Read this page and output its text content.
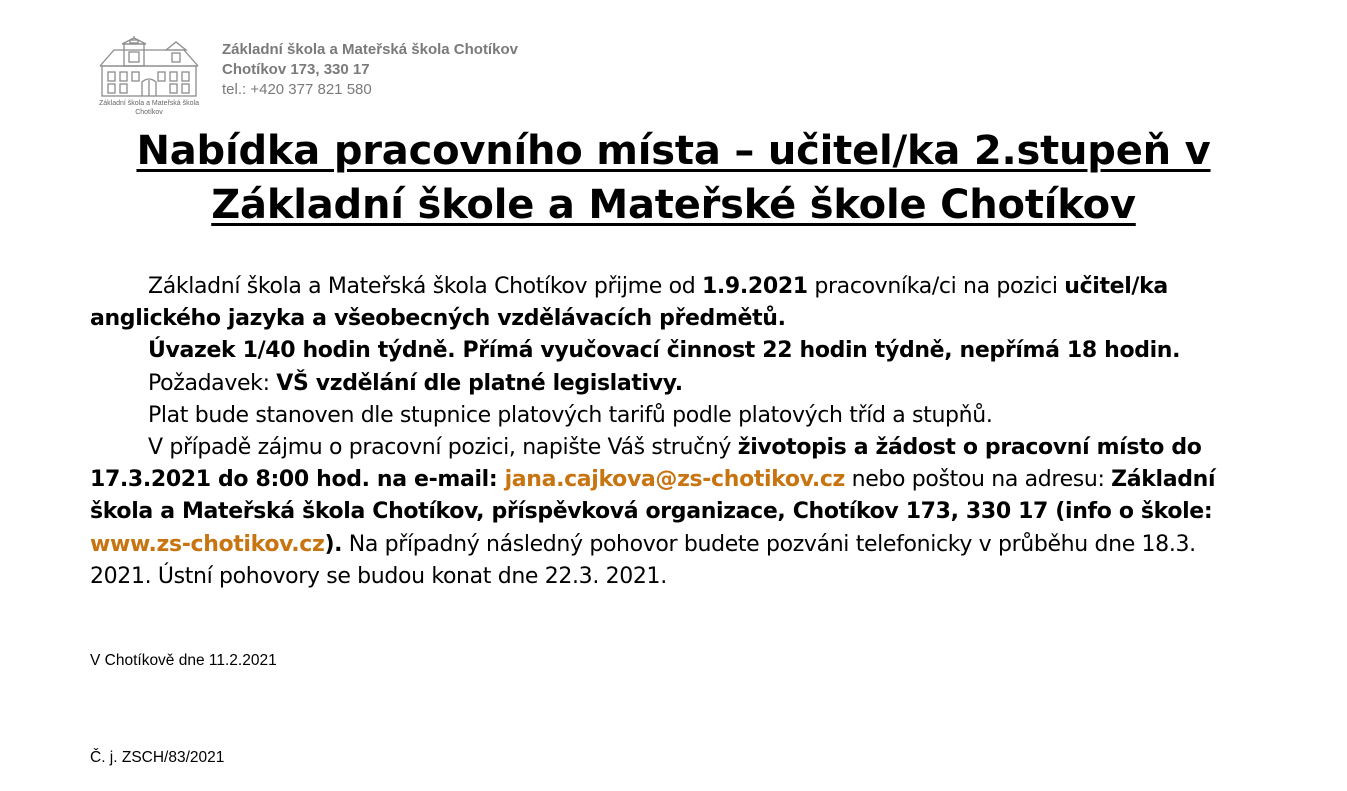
Základní škola a Mateřská škola Chotíkov
Základní škola a Mateřská škola Chotíkov
Chotíkov 173, 330 17
tel.: +420 377 821 580
Nabídka pracovního místa – učitel/ka 2.stupeň v
Základní škole a Mateřské škole Chotíkov

Základní škola a Mateřská škola Chotíkov přijme od 1.9.2021 pracovníka/ci na pozici učitel/ka anglického jazyka a všeobecných vzdělávacích předmětů.

Úvazek 1/40 hodin týdně. Přímá vyučovací činnost 22 hodin týdně, nepřímá 18 hodin.

Požadavek: VŠ vzdělání dle platné legislativy.

Plat bude stanoven dle stupnice platových tarifů podle platových tříd a stupňů.

V případě zájmu o pracovní pozici, napište Váš stručný životopis a žádost o pracovní místo do 17.3.2021 do 8:00 hod. na e-mail: jana.cajkova@zs-chotikov.cz nebo poštou na adresu: Základní škola a Mateřská škola Chotíkov, příspěvková organizace, Chotíkov 173, 330 17 (info o škole: www.zs-chotikov.cz). Na případný následný pohovor budete pozváni telefonicky v průběhu dne 18.3. 2021. Ústní pohovory se budou konat dne 22.3. 2021.

V Chotíkově dne 11.2.2021
Č. j. ZSCH/83/2021
